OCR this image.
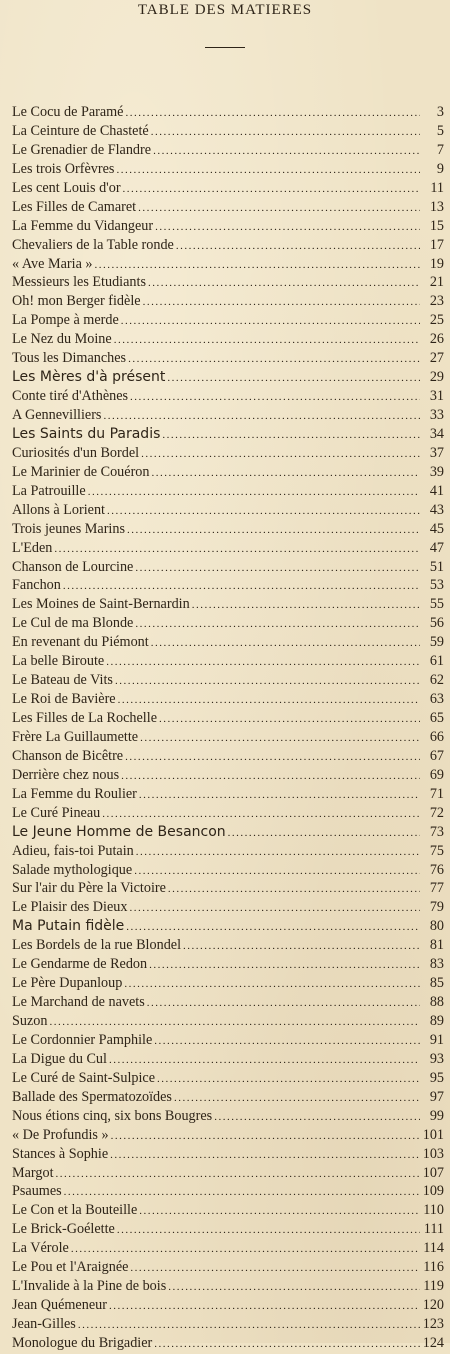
TABLE DES MATIERES
Le Cocu de Paramé .....	3
La Ceinture de Chasteté .....	5
Le Grenadier de Flandre .....	7
Les trois Orfèvres .....	9
Les cent Louis d'or .....	11
Les Filles de Camaret .....	13
La Femme du Vidangeur .....	15
Chevaliers de la Table ronde .....	17
« Ave Maria » .....	19
Messieurs les Etudiants .....	21
Oh! mon Berger fidèle .....	23
La Pompe à merde .....	25
Le Nez du Moine .....	26
Tous les Dimanches .....	27
Les Mères d'à présent .....	29
Conte tiré d'Athènes .....	31
A Gennevilliers .....	33
Les Saints du Paradis .....	34
Curiosités d'un Bordel .....	37
Le Marinier de Couéron .....	39
La Patrouille .....	41
Allons à Lorient .....	43
Trois jeunes Marins .....	45
L'Eden .....	47
Chanson de Lourcine .....	51
Fanchon .....	53
Les Moines de Saint-Bernardin .....	55
Le Cul de ma Blonde .....	56
En revenant du Piémont .....	59
La belle Biroute .....	61
Le Bateau de Vits .....	62
Le Roi de Bavière .....	63
Les Filles de La Rochelle .....	65
Frère La Guillaumette .....	66
Chanson de Bicêtre .....	67
Derrière chez nous .....	69
La Femme du Roulier .....	71
Le Curé Pineau .....	72
Le Jeune Homme de Besancon .....	73
Adieu, fais-toi Putain .....	75
Salade mythologique .....	76
Sur l'air du Père la Victoire .....	77
Le Plaisir des Dieux .....	79
Ma Putain fidèle .....	80
Les Bordels de la rue Blondel .....	81
Le Gendarme de Redon .....	83
Le Père Dupanloup .....	85
Le Marchand de navets .....	88
Suzon .....	89
Le Cordonnier Pamphile .....	91
La Digue du Cul .....	93
Le Curé de Saint-Sulpice .....	95
Ballade des Spermatozoïdes .....	97
Nous étions cinq, six bons Bougres .....	99
« De Profundis » .....	101
Stances à Sophie .....	103
Margot .....	107
Psaumes .....	109
Le Con et la Bouteille .....	110
Le Brick-Goélette .....	111
La Vérole .....	114
Le Pou et l'Araignée .....	116
L'Invalide à la Pine de bois .....	119
Jean Quémeneur .....	120
Jean-Gilles .....	123
Monologue du Brigadier .....	124
